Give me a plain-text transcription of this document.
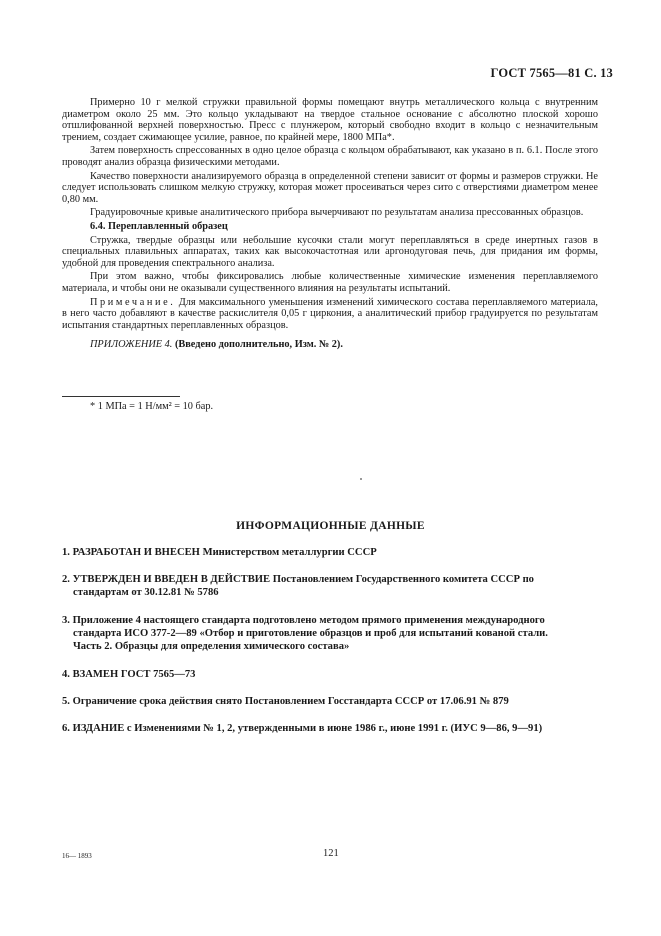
ГОСТ 7565—81 С. 13

Примерно 10 г мелкой стружки правильной формы помещают внутрь металлического кольца с внутренним диаметром около 25 мм. Это кольцо укладывают на твердое стальное основание с абсолютно плоской хорошо отшлифованной верхней поверхностью. Пресс с плунжером, который свободно входит в кольцо с незначительным трением, создает сжимающее усилие, равное, по крайней мере, 1800 МПа*.

Затем поверхность спрессованных в одно целое образца с кольцом обрабатывают, как указано в п. 6.1. После этого проводят анализ образца физическими методами.

Качество поверхности анализируемого образца в определенной степени зависит от формы и размеров стружки. Не следует использовать слишком мелкую стружку, которая может просеиваться через сито с отверстиями диаметром менее 0,80 мм.

Градуировочные кривые аналитического прибора вычерчивают по результатам анализа прессованных образцов.

6.4. Переплавленный образец

Стружка, твердые образцы или небольшие кусочки стали могут переплавляться в среде инертных газов в специальных плавильных аппаратах, таких как высокочастотная или аргонодуговая печь, для придания им формы, удобной для проведения спектрального анализа.

При этом важно, чтобы фиксировались любые количественные химические изменения переплавляемого материала, и чтобы они не оказывали существенного влияния на результаты испытаний.

Примечание. Для максимального уменьшения изменений химического состава переплавляемого материала, в него часто добавляют в качестве раскислителя 0,05 г циркония, а аналитический прибор градуируется по результатам испытания стандартных переплавленных образцов.

ПРИЛОЖЕНИЕ 4. (Введено дополнительно, Изм. № 2).

* 1 МПа = 1 Н/мм² = 10 бар.
ИНФОРМАЦИОННЫЕ ДАННЫЕ
1. РАЗРАБОТАН И ВНЕСЕН Министерством металлургии СССР
2. УТВЕРЖДЕН И ВВЕДЕН В ДЕЙСТВИЕ Постановлением Государственного комитета СССР по
стандартам от 30.12.81 № 5786
3. Приложение 4 настоящего стандарта подготовлено методом прямого применения международного
стандарта ИСО 377-2—89 «Отбор и приготовление образцов и проб для испытаний кованой стали.
Часть 2. Образцы для определения химического состава»
4. ВЗАМЕН ГОСТ 7565—73
5. Ограничение срока действия снято Постановлением Госстандарта СССР от 17.06.91 № 879
6. ИЗДАНИЕ с Изменениями № 1, 2, утвержденными в июне 1986 г., июне 1991 г. (ИУС 9—86, 9—91)
16— 1893	121
